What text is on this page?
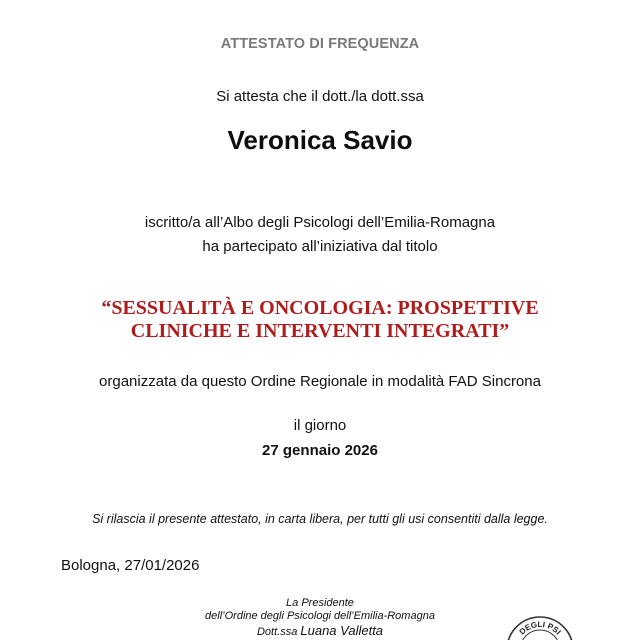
ATTESTATO DI FREQUENZA
Si attesta che il dott./la dott.ssa
Veronica Savio
iscritto/a all’Albo degli Psicologi dell’Emilia-Romagna
ha partecipato all’iniziativa dal titolo
“SESSUALITÀ E ONCOLOGIA: PROSPETTIVE
CLINICHE E INTERVENTI INTEGRATI”
organizzata da questo Ordine Regionale in modalità FAD Sincrona
il giorno
27 gennaio 2026
Si rilascia il presente attestato, in carta libera, per tutti gli usi consentiti dalla legge.
Bologna, 27/01/2026
La Presidente
dell’Ordine degli Psicologi dell’Emilia-Romagna
Dott.ssa Luana Valletta	DEGLI PSI
